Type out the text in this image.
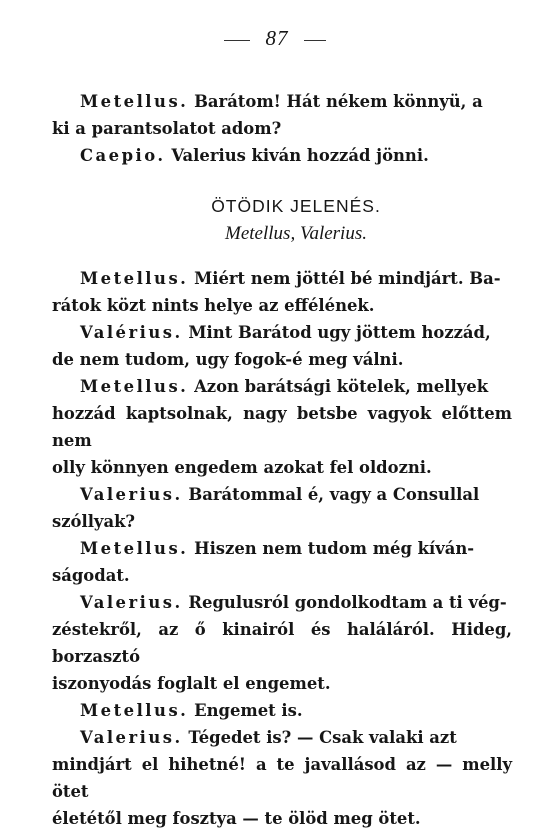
87

Metellus. Barátom! Hát nékem könnyü, a

ki a parantsolatot adom?

Caepio. Valerius kiván hozzád jönni.

ÖTÖDIK JELENÉS.
Metellus, Valerius.

Metellus. Miért nem jöttél bé mindjárt. Ba-

rátok közt nints helye az effélének.

Valérius. Mint Barátod ugy jöttem hozzád,

de nem tudom, ugy fogok-é meg válni.

Metellus. Azon barátsági kötelek, mellyek

hozzád kaptsolnak, nagy betsbe vagyok előttem nem

olly könnyen engedem azokat fel oldozni.

Valerius. Barátommal é, vagy a Consullal

szóllyak?

Metellus. Hiszen nem tudom még kíván-

ságodat.

Valerius. Regulusról gondolkodtam a ti vég-

zéstekről, az ő kinairól és haláláról. Hideg, borzasztó

iszonyodás foglalt el engemet.

Metellus. Engemet is.

Valerius. Tégedet is? — Csak valaki azt

mindjárt el hihetné! a te javallásod az — melly ötet

életétől meg fosztya — te ölöd meg ötet.
